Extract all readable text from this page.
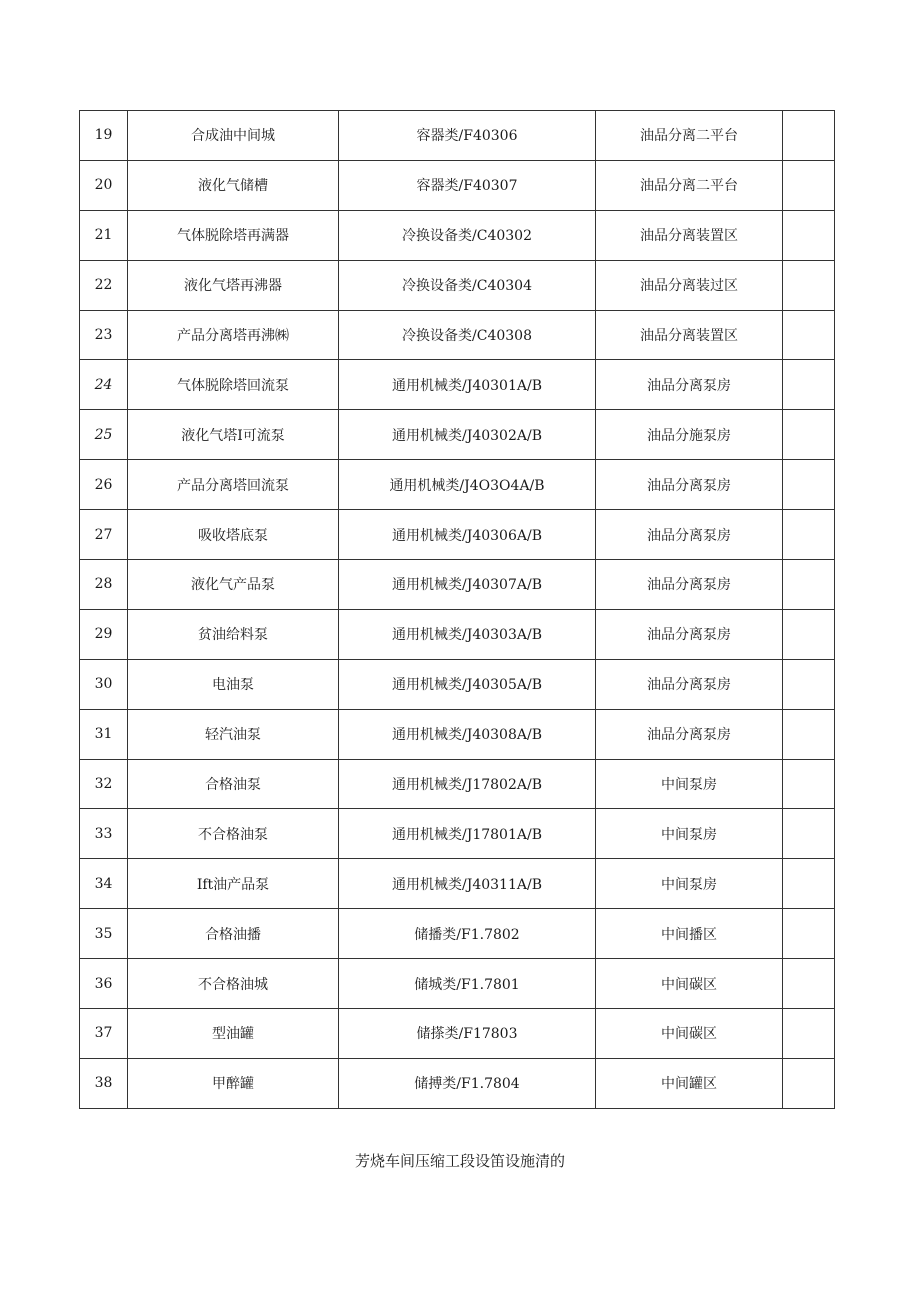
19	合成油中间城	容器类/F40306	油品分离二平台	
20	液化气储槽	容器类/F40307	油品分离二平台	
21	气体脱除塔再满器	冷换设备类/C40302	油品分离装置区	
22	液化气塔再沸器	冷换设备类/C40304	油品分离装过区	
23	产品分离塔再沸㈱	冷换设备类/C40308	油品分离装置区	
24	气体脱除塔回流泵	通用机械类/J40301A/B	油品分离泵房	
25	液化气塔I可流泵	通用机械类/J40302A/B	油品分施泵房	
26	产品分离塔回流泵	通用机械类/J4O3O4A/B	油品分离泵房	
27	吸收塔底泵	通用机械类/J40306A/B	油品分离泵房	
28	液化气产品泵	通用机械类/J40307A/B	油品分离泵房	
29	贫油给料泵	通用机械类/J40303A/B	油品分离泵房	
30	电油泵	通用机械类/J40305A/B	油品分离泵房	
31	轻汽油泵	通用机械类/J40308A/B	油品分离泵房	
32	合格油泵	通用机械类/J17802A/B	中间泵房	
33	不合格油泵	通用机械类/J17801A/B	中间泵房	
34	Ift油产品泵	通用机械类/J40311A/B	中间泵房	
35	合格油播	储播类/F1.7802	中间播区	
36	不合格油城	储城类/F1.7801	中间碳区	
37	型油罐	储搽类/F17803	中间碳区	
38	甲醉罐	储搏类/F1.7804	中间罐区	
芳烧车间压缩工段设笛设施清的
